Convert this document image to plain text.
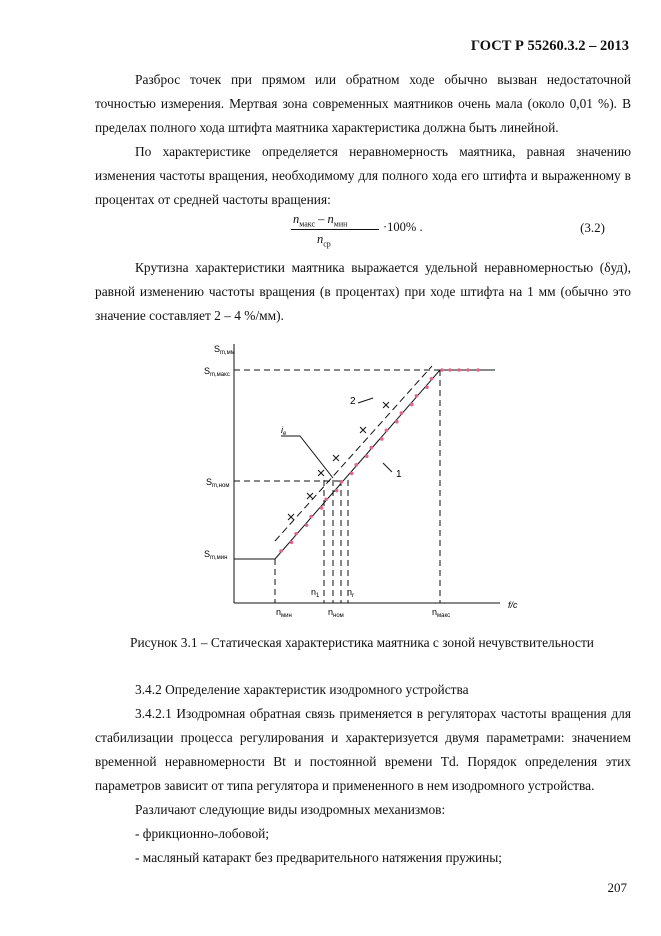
ГОСТ Р 55260.3.2 – 2013
Разброс точек при прямом или обратном ходе обычно вызван недостаточной точностью измерения. Мертвая зона современных маятников очень мала (около 0,01 %). В пределах полного хода штифта маятника характеристика должна быть линейной.
По характеристике определяется неравномерность маятника, равная значению изменения частоты вращения, необходимому для полного хода его штифта и выраженному в процентах от средней частоты вращения:
$n_{макс} - n_{мин}$	·100% .
$n_{ср}$
(3.2)
Крутизна характеристики маятника выражается удельной неравномерностью (δуд), равной изменению частоты вращения (в процентах) при ходе штифта на 1 мм (обычно это значение составляет 2 – 4 %/мм).
$S_{m,мм}$
f/c
$S_{m,макс}$
$S_{m,ном}$
$S_{m,мин}$
$n_{мин}$	$n_{ном}$	$n_{макс}$
$n_1$	$n_r$
2
1
$i_e$
Рисунок 3.1 – Статическая характеристика маятника с зоной нечувствительности
3.4.2 Определение характеристик изодромного устройства
3.4.2.1 Изодромная обратная связь применяется в регуляторах частоты вращения для стабилизации процесса регулирования и характеризуется двумя параметрами: значением временной неравномерности Bt и постоянной времени Td. Порядок определения этих параметров зависит от типа регулятора и примененного в нем изодромного устройства.
Различают следующие виды изодромных механизмов:
- фрикционно-лобовой;
- масляный катаракт без предварительного натяжения пружины;
207
